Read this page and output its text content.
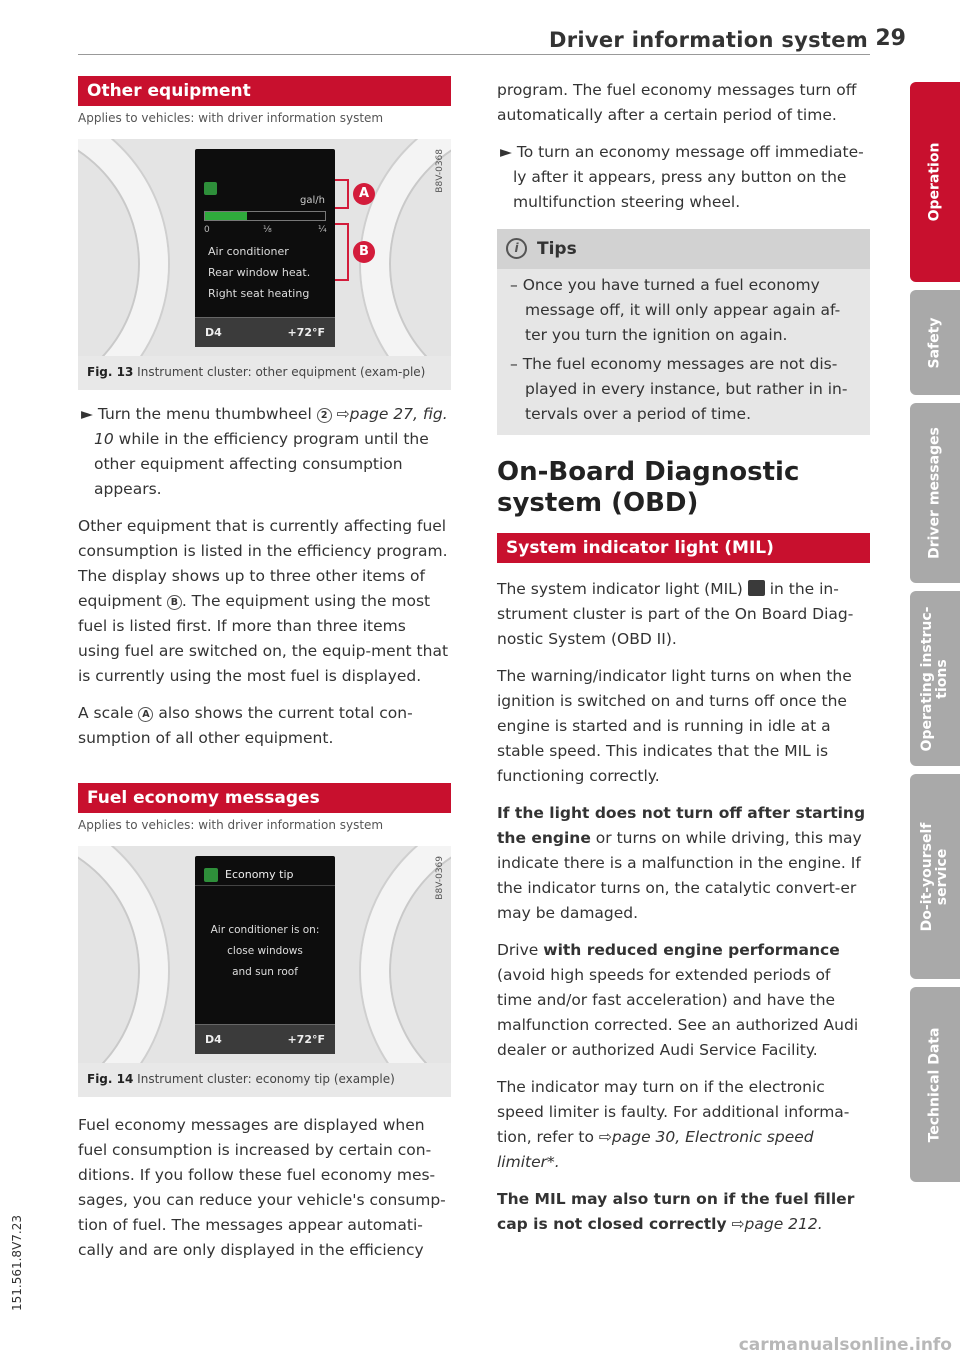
Driver information system 29
Other equipment
Applies to vehicles: with driver information system
gal/h
0	⅛	¼
Air conditioner
Rear window heat.
Right seat heating
D4	+72°F
A
B
B8V-0368
Fig. 13 Instrument cluster: other equipment (exam-ple)
► Turn the menu thumbwheel 2 ⇨page 27, fig. 10 while in the efficiency program until the other equipment affecting consumption appears.
Other equipment that is currently affecting fuel consumption is listed in the efficiency program. The display shows up to three other items of equipment B . The equipment using the most fuel is listed first. If more than three items using fuel are switched on, the equip-ment that is currently using the most fuel is displayed.
A scale A also shows the current total con-sumption of all other equipment.
Fuel economy messages
Applies to vehicles: with driver information system
Economy tip
Air conditioner is on:
close windows
and sun roof
D4	+72°F
B8V-0369
Fig. 14 Instrument cluster: economy tip (example)
Fuel economy messages are displayed when fuel consumption is increased by certain con-ditions. If you follow these fuel economy mes-sages, you can reduce your vehicle's consump-tion of fuel. The messages appear automati-cally and are only displayed in the efficiency
program. The fuel economy messages turn off automatically after a certain period of time.
► To turn an economy message off immediate-ly after it appears, press any button on the multifunction steering wheel.
i	Tips
– Once you have turned a fuel economy message off, it will only appear again af-ter you turn the ignition on again.
– The fuel economy messages are not dis-played in every instance, but rather in in-tervals over a period of time.
On-Board Diagnostic system (OBD)
System indicator light (MIL)
The system indicator light (MIL) in the in-strument cluster is part of the On Board Diag-nostic System (OBD II).
The warning/indicator light turns on when the ignition is switched on and turns off once the engine is started and is running in idle at a stable speed. This indicates that the MIL is functioning correctly.
If the light does not turn off after starting the engine or turns on while driving, this may indicate there is a malfunction in the engine. If the indicator turns on, the catalytic convert-er may be damaged.
Drive with reduced engine performance (avoid high speeds for extended periods of time and/or fast acceleration) and have the malfunction corrected. See an authorized Audi dealer or authorized Audi Service Facility.
The indicator may turn on if the electronic speed limiter is faulty. For additional informa-tion, refer to ⇨page 30, Electronic speed limiter*.
The MIL may also turn on if the fuel filler cap is not closed correctly ⇨page 212.
Operation
Safety
Driver messages
Operating instruc-
tions
Do-it-yourself
service
Technical Data
151.561.8V7.23
carmanualsonline.info
